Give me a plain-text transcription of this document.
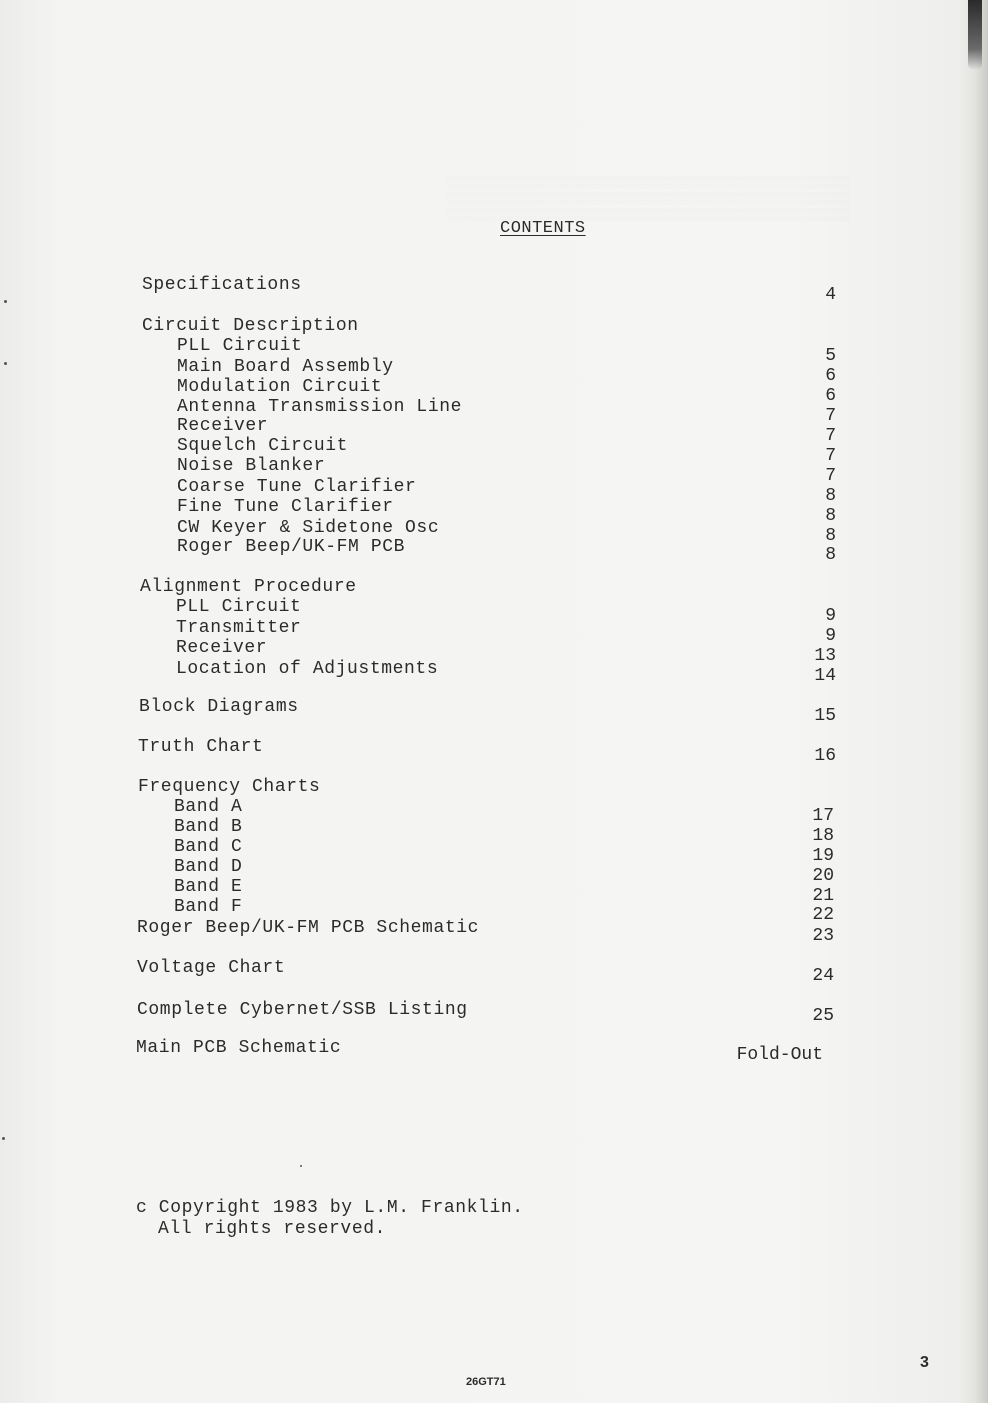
CONTENTS
Specifications	4
Circuit Description
PLL Circuit	5
Main Board Assembly	6
Modulation Circuit	6
Antenna Transmission Line	7
Receiver	7
Squelch Circuit	7
Noise Blanker	7
Coarse Tune Clarifier	8
Fine Tune Clarifier	8
CW Keyer & Sidetone Osc	8
Roger Beep/UK-FM PCB	8
Alignment Procedure
PLL Circuit	9
Transmitter	9
Receiver	13
Location of Adjustments	14
Block Diagrams	15
Truth Chart	16
Frequency Charts
Band A	17
Band B	18
Band C	19
Band D	20
Band E	21
Band F	22
Roger Beep/UK-FM PCB Schematic	23
Voltage Chart	24
Complete Cybernet/SSB Listing	25
Main PCB Schematic	Fold-Out
c Copyright 1983 by L.M. Franklin.
All rights reserved.
3
26GT71
